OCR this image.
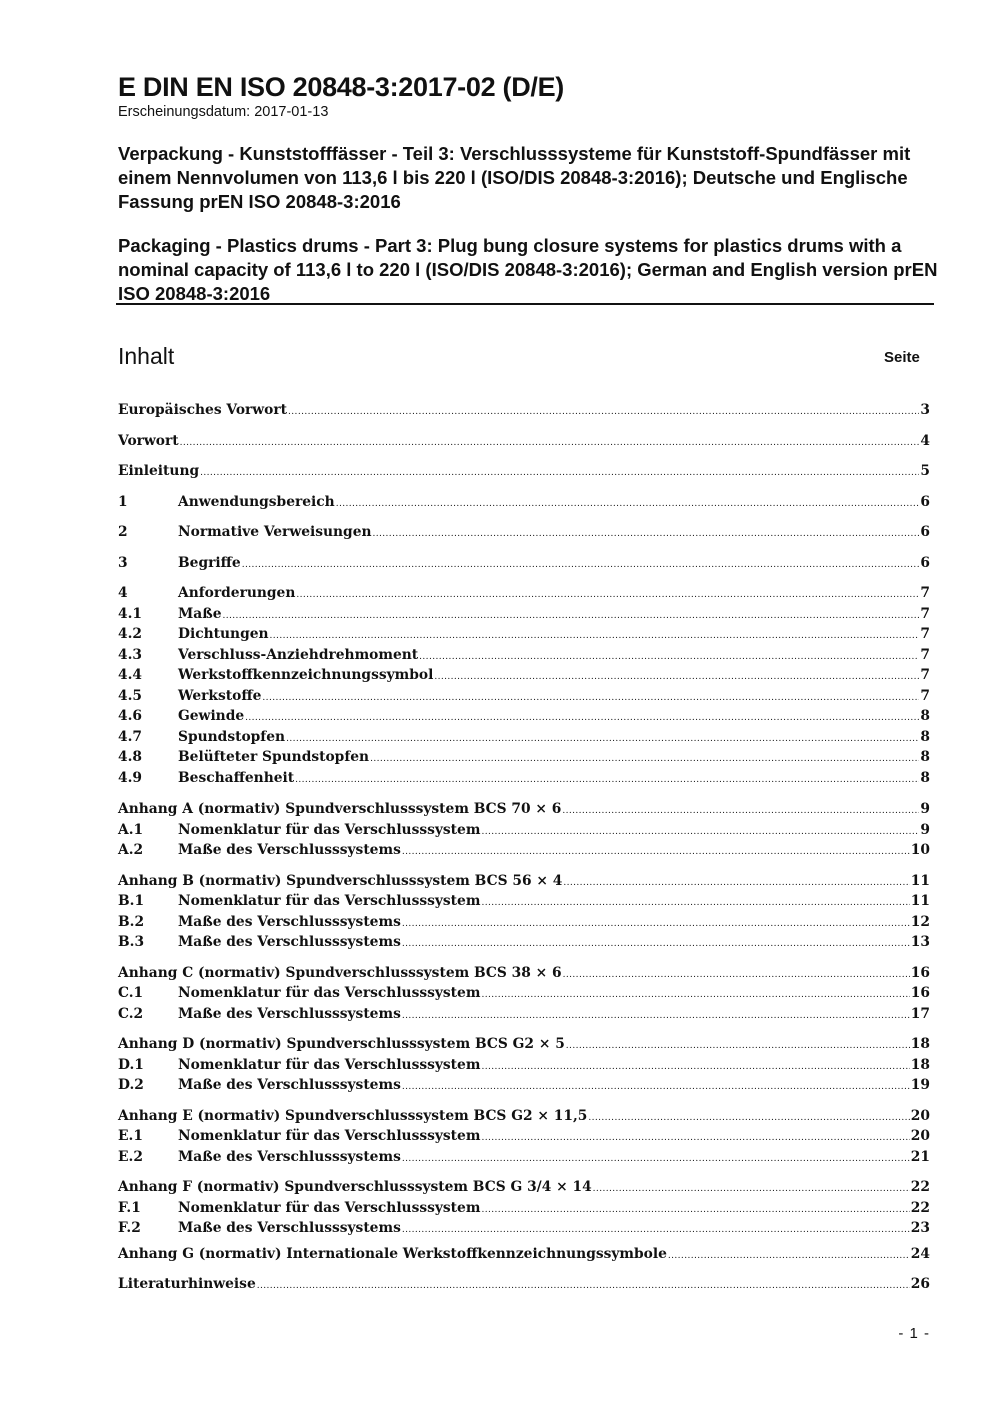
E DIN EN ISO 20848-3:2017-02 (D/E)
Erscheinungsdatum: 2017-01-13
Verpackung - Kunststofffässer - Teil 3: Verschlusssysteme für Kunststoff-Spundfässer mit einem Nennvolumen von 113,6 l bis 220 l (ISO/DIS 20848-3:2016); Deutsche und Englische Fassung prEN ISO 20848-3:2016
Packaging - Plastics drums - Part 3: Plug bung closure systems for plastics drums with a nominal capacity of 113,6 l to 220 l (ISO/DIS 20848-3:2016); German and English version prEN ISO 20848-3:2016
Inhalt	Seite
Europäisches Vorwort .....	3
Vorwort .....	4
Einleitung .....	5
1	Anwendungsbereich .....	6
2	Normative Verweisungen .....	6
3	Begriffe .....	6
4	Anforderungen .....	7
4.1	Maße .....	7
4.2	Dichtungen .....	7
4.3	Verschluss-Anziehdrehmoment .....	7
4.4	Werkstoffkennzeichnungssymbol .....	7
4.5	Werkstoffe .....	7
4.6	Gewinde .....	8
4.7	Spundstopfen .....	8
4.8	Belüfteter Spundstopfen .....	8
4.9	Beschaffenheit .....	8
Anhang A (normativ) Spundverschlusssystem BCS 70 × 6 .....	9
A.1	Nomenklatur für das Verschlusssystem .....	9
A.2	Maße des Verschlusssystems .....	10
Anhang B (normativ) Spundverschlusssystem BCS 56 × 4 .....	11
B.1	Nomenklatur für das Verschlusssystem .....	11
B.2	Maße des Verschlusssystems .....	12
B.3	Maße des Verschlusssystems .....	13
Anhang C (normativ) Spundverschlusssystem BCS 38 × 6 .....	16
C.1	Nomenklatur für das Verschlusssystem .....	16
C.2	Maße des Verschlusssystems .....	17
Anhang D (normativ) Spundverschlusssystem BCS G2 × 5 .....	18
D.1	Nomenklatur für das Verschlusssystem .....	18
D.2	Maße des Verschlusssystems .....	19
Anhang E (normativ) Spundverschlusssystem BCS G2 × 11,5 .....	20
E.1	Nomenklatur für das Verschlusssystem .....	20
E.2	Maße des Verschlusssystems .....	21
Anhang F (normativ) Spundverschlusssystem BCS G 3/4 × 14 .....	22
F.1	Nomenklatur für das Verschlusssystem .....	22
F.2	Maße des Verschlusssystems .....	23
Anhang G (normativ) Internationale Werkstoffkennzeichnungssymbole .....	24
Literaturhinweise .....	26
- 1 -
